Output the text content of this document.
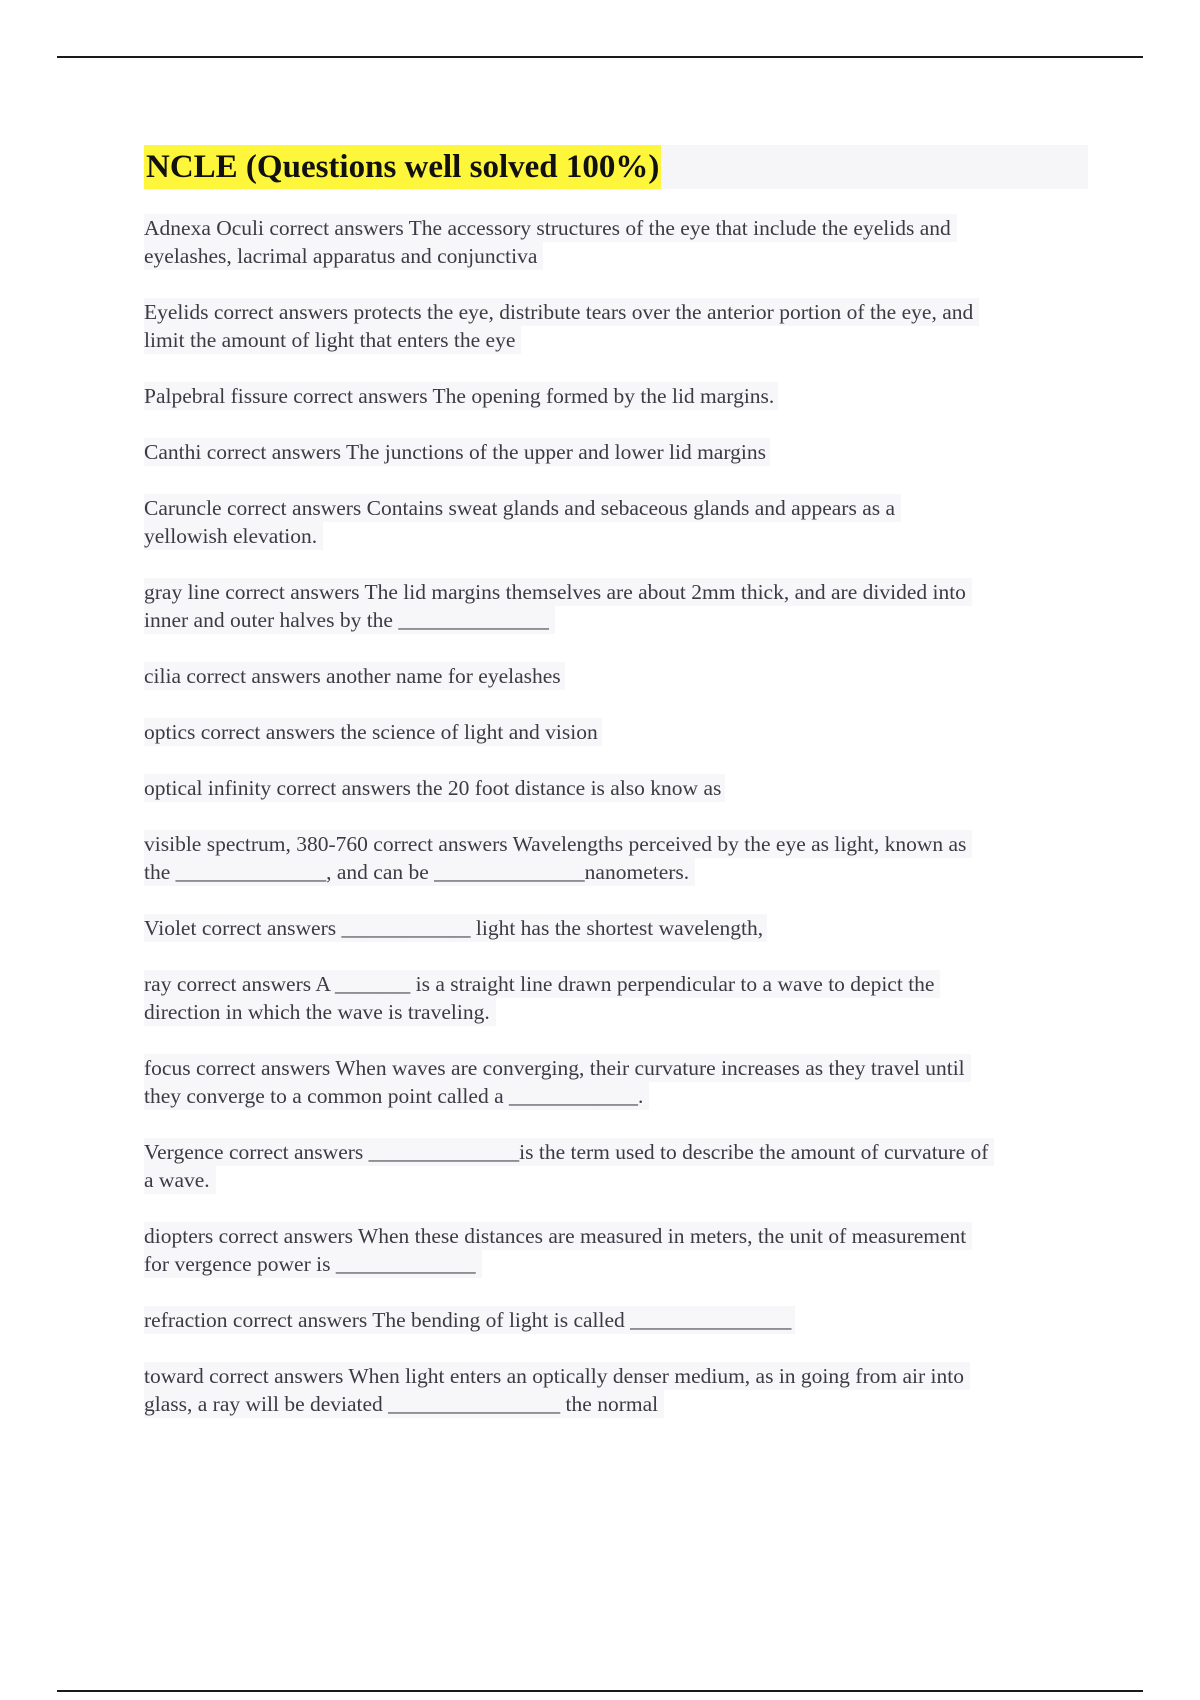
NCLE (Questions well solved 100%)
Adnexa Oculi correct answers The accessory structures of the eye that include the eyelids and
eyelashes, lacrimal apparatus and conjunctiva
Eyelids correct answers protects the eye, distribute tears over the anterior portion of the eye, and
limit the amount of light that enters the eye
Palpebral fissure correct answers The opening formed by the lid margins.
Canthi correct answers The junctions of the upper and lower lid margins
Caruncle correct answers Contains sweat glands and sebaceous glands and appears as a
yellowish elevation.
gray line correct answers The lid margins themselves are about 2mm thick, and are divided into
inner and outer halves by the ______________
cilia correct answers another name for eyelashes
optics correct answers the science of light and vision
optical infinity correct answers the 20 foot distance is also know as
visible spectrum, 380-760 correct answers Wavelengths perceived by the eye as light, known as
the ______________, and can be ______________nanometers.
Violet correct answers ____________ light has the shortest wavelength,
ray correct answers A _______ is a straight line drawn perpendicular to a wave to depict the
direction in which the wave is traveling.
focus correct answers When waves are converging, their curvature increases as they travel until
they converge to a common point called a ____________.
Vergence correct answers ______________is the term used to describe the amount of curvature of
a wave.
diopters correct answers When these distances are measured in meters, the unit of measurement
for vergence power is _____________
refraction correct answers The bending of light is called _______________
toward correct answers When light enters an optically denser medium, as in going from air into
glass, a ray will be deviated ________________ the normal
